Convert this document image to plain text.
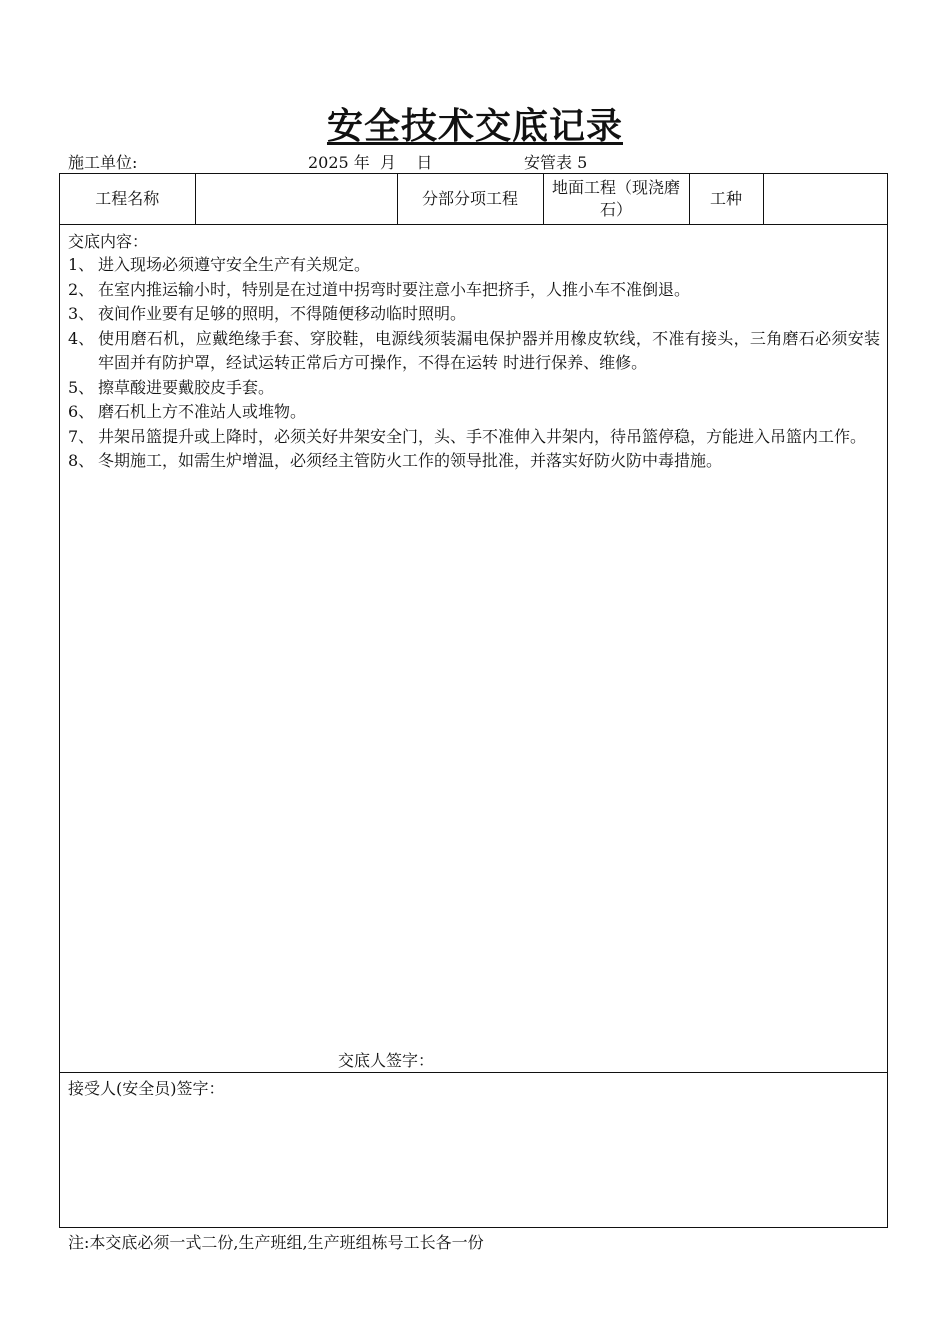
安全技术交底记录
施工单位:	2025 年  月    日	安管表 5
工程名称		分部分项工程	地面工程（现浇磨石）	工种	
交底内容：
1、 进入现场必须遵守安全生产有关规定。
2、 在室内推运输小时，特别是在过道中拐弯时要注意小车把挤手，人推小车不准倒退。
3、 夜间作业要有足够的照明，不得随便移动临时照明。
4、 使用磨石机，应戴绝缘手套、穿胶鞋，电源线须装漏电保护器并用橡皮软线，不准有接头，三角磨石必须安装牢固并有防护罩，经试运转正常后方可操作，不得在运转 时进行保养、维修。
5、 擦草酸进要戴胶皮手套。
6、 磨石机上方不准站人或堆物。
7、 井架吊篮提升或上降时，必须关好井架安全门，头、手不准伸入井架内，待吊篮停稳，方能进入吊篮内工作。
8、 冬期施工，如需生炉增温，必须经主管防火工作的领导批准，并落实好防火防中毒措施。
交底人签字：
接受人(安全员)签字：
注:本交底必须一式二份,生产班组,生产班组栋号工长各一份
